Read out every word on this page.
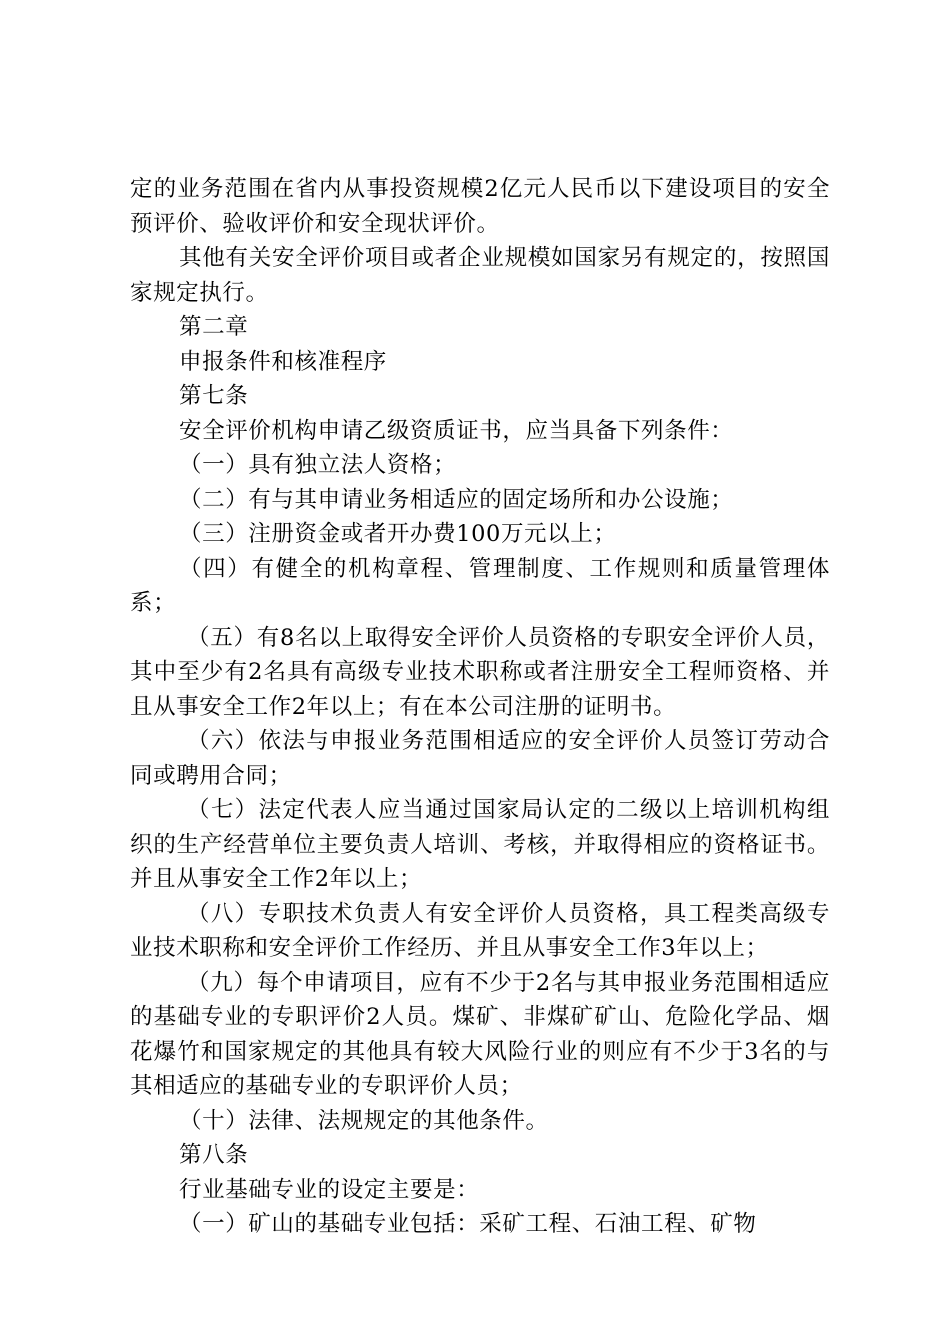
定的业务范围在省内从事投资规模2亿元人民币以下建设项目的安全预评价、验收评价和安全现状评价。

其他有关安全评价项目或者企业规模如国家另有规定的，按照国家规定执行。

第二章

申报条件和核准程序

第七条

安全评价机构申请乙级资质证书，应当具备下列条件：

（一）具有独立法人资格；

（二）有与其申请业务相适应的固定场所和办公设施；

（三）注册资金或者开办费100万元以上；

（四）有健全的机构章程、管理制度、工作规则和质量管理体系；

（五）有8名以上取得安全评价人员资格的专职安全评价人员，其中至少有2名具有高级专业技术职称或者注册安全工程师资格、并且从事安全工作2年以上；有在本公司注册的证明书。

（六）依法与申报业务范围相适应的安全评价人员签订劳动合同或聘用合同；

（七）法定代表人应当通过国家局认定的二级以上培训机构组织的生产经营单位主要负责人培训、考核，并取得相应的资格证书。并且从事安全工作2年以上；

（八）专职技术负责人有安全评价人员资格，具工程类高级专业技术职称和安全评价工作经历、并且从事安全工作3年以上；

（九）每个申请项目，应有不少于2名与其申报业务范围相适应的基础专业的专职评价2人员。煤矿、非煤矿矿山、危险化学品、烟花爆竹和国家规定的其他具有较大风险行业的则应有不少于3名的与其相适应的基础专业的专职评价人员；

（十）法律、法规规定的其他条件。

第八条

行业基础专业的设定主要是：

（一）矿山的基础专业包括：采矿工程、石油工程、矿物
